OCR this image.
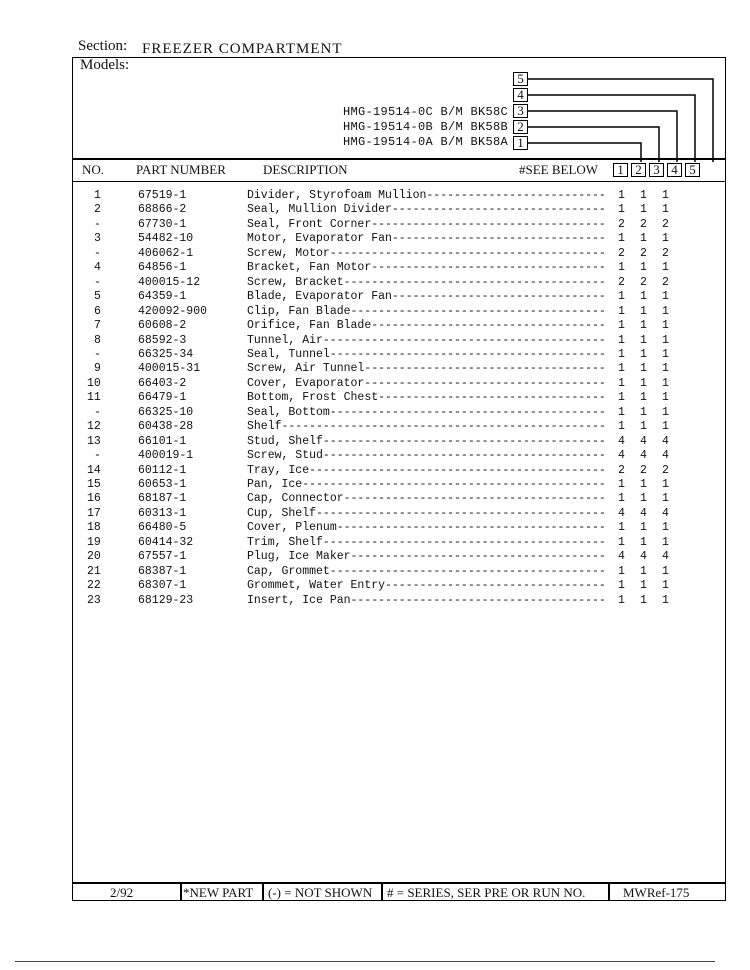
Section: FREEZER COMPARTMENT
Models:
HMG-19514-0C B/M BK58C
HMG-19514-0B B/M BK58B
HMG-19514-0A B/M BK58A
5
4
3
2
1
NO. PART NUMBER	DESCRIPTION	#SEE BELOW	1 2 3 4 5
1	67519-1	Divider, Styrofoam Mullion -------------------------- 1 1 1
2	68866-2	Seal, Mullion Divider ------------------------------- 1 1 1
-	67730-1	Seal, Front Corner ---------------------------------- 2 2 2
3	54482-10	Motor, Evaporator Fan ------------------------------- 1 1 1
-	406062-1	Screw, Motor ---------------------------------------- 2 2 2
4	64856-1	Bracket, Fan Motor ---------------------------------- 1 1 1
-	400015-12	Screw, Bracket -------------------------------------- 2 2 2
5	64359-1	Blade, Evaporator Fan ------------------------------- 1 1 1
6	420092-900	Clip, Fan Blade ------------------------------------- 1 1 1
7	60608-2	Orifice, Fan Blade ---------------------------------- 1 1 1
8	68592-3	Tunnel, Air ----------------------------------------- 1 1 1
-	66325-34	Seal, Tunnel ---------------------------------------- 1 1 1
9	400015-31	Screw, Air Tunnel ----------------------------------- 1 1 1
10	66403-2	Cover, Evaporator ----------------------------------- 1 1 1
11	66479-1	Bottom, Frost Chest --------------------------------- 1 1 1
-	66325-10	Seal, Bottom ---------------------------------------- 1 1 1
12	60438-28	Shelf ----------------------------------------------- 1 1 1
13	66101-1	Stud, Shelf ----------------------------------------- 4 4 4
-	400019-1	Screw, Stud ----------------------------------------- 4 4 4
14	60112-1	Tray, Ice ------------------------------------------- 2 2 2
15	60653-1	Pan, Ice -------------------------------------------- 1 1 1
16	68187-1	Cap, Connector -------------------------------------- 1 1 1
17	60313-1	Cup, Shelf ------------------------------------------ 4 4 4
18	66480-5	Cover, Plenum --------------------------------------- 1 1 1
19	60414-32	Trim, Shelf ----------------------------------------- 1 1 1
20	67557-1	Plug, Ice Maker ------------------------------------- 4 4 4
21	68387-1	Cap, Grommet ---------------------------------------- 1 1 1
22	68307-1	Grommet, Water Entry -------------------------------- 1 1 1
23	68129-23	Insert, Ice Pan ------------------------------------- 1 1 1
2/92	*NEW PART (-) = NOT SHOWN # = SERIES, SER PRE OR RUN NO.	MWRef-175
